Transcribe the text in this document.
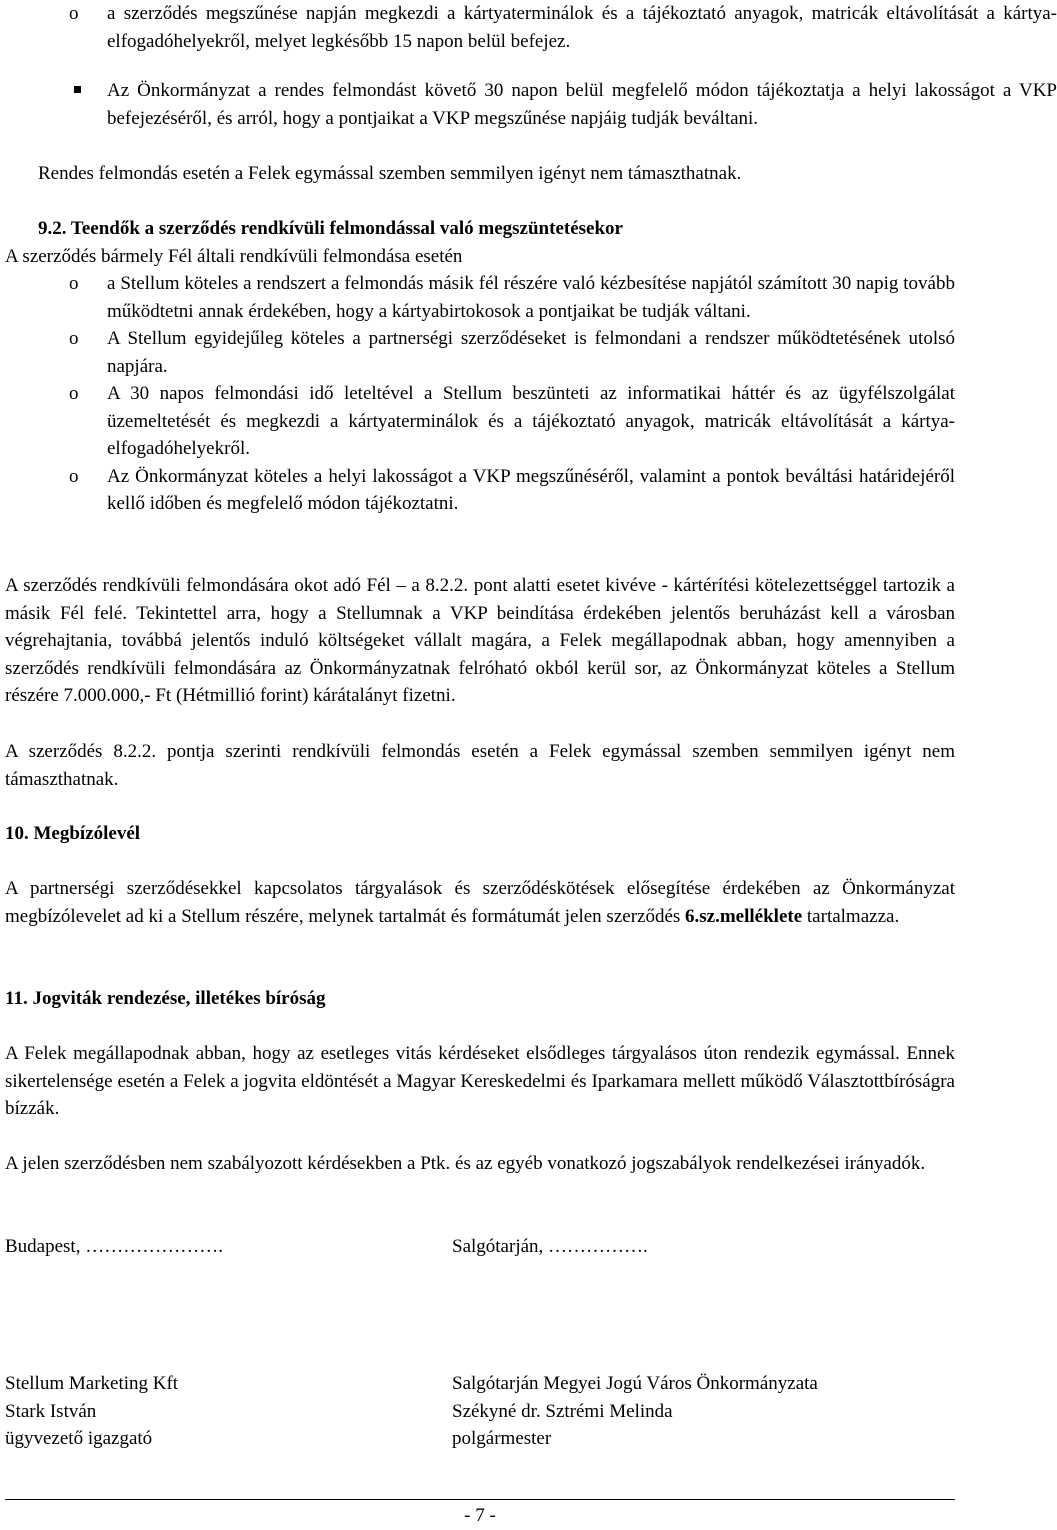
o a szerződés megszűnése napján megkezdi a kártyaterminálok és a tájékoztató anyagok, matricák eltávolítását a kártya-elfogadóhelyekről, melyet legkésőbb 15 napon belül befejez.

Az Önkormányzat a rendes felmondást követő 30 napon belül megfelelő módon tájékoztatja a helyi lakosságot a VKP befejezéséről, és arról, hogy a pontjaikat a VKP megszűnése napjáig tudják beváltani.

Rendes felmondás esetén a Felek egymással szemben semmilyen igényt nem támaszthatnak.

9.2. Teendők a szerződés rendkívüli felmondással való megszüntetésekor

A szerződés bármely Fél általi rendkívüli felmondása esetén

o a Stellum köteles a rendszert a felmondás másik fél részére való kézbesítése napjától számított 30 napig tovább működtetni annak érdekében, hogy a kártyabirtokosok a pontjaikat be tudják váltani.

o A Stellum egyidejűleg köteles a partnerségi szerződéseket is felmondani a rendszer működtetésének utolsó napjára.

o A 30 napos felmondási idő leteltével a Stellum beszünteti az informatikai háttér és az ügyfélszolgálat üzemeltetését és megkezdi a kártyaterminálok és a tájékoztató anyagok, matricák eltávolítását a kártya-elfogadóhelyekről.

o Az Önkormányzat köteles a helyi lakosságot a VKP megszűnéséről, valamint a pontok beváltási határidejéről kellő időben és megfelelő módon tájékoztatni.

A szerződés rendkívüli felmondására okot adó Fél – a 8.2.2. pont alatti esetet kivéve - kártérítési kötelezettséggel tartozik a másik Fél felé. Tekintettel arra, hogy a Stellumnak a VKP beindítása érdekében jelentős beruházást kell a városban végrehajtania, továbbá jelentős induló költségeket vállalt magára, a Felek megállapodnak abban, hogy amennyiben a szerződés rendkívüli felmondására az Önkormányzatnak felróható okból kerül sor, az Önkormányzat köteles a Stellum részére 7.000.000,- Ft (Hétmillió forint) kárátalányt fizetni.

A szerződés 8.2.2. pontja szerinti rendkívüli felmondás esetén a Felek egymással szemben semmilyen igényt nem támaszthatnak.

10. Megbízólevél

A partnerségi szerződésekkel kapcsolatos tárgyalások és szerződéskötések elősegítése érdekében az Önkormányzat megbízólevelet ad ki a Stellum részére, melynek tartalmát és formátumát jelen szerződés 6.sz.melléklete tartalmazza.

11. Jogviták rendezése, illetékes bíróság

A Felek megállapodnak abban, hogy az esetleges vitás kérdéseket elsődleges tárgyalásos úton rendezik egymással. Ennek sikertelensége esetén a Felek a jogvita eldöntését a Magyar Kereskedelmi és Iparkamara mellett működő Választottbíróságra bízzák.

A jelen szerződésben nem szabályozott kérdésekben a Ptk. és az egyéb vonatkozó jogszabályok rendelkezései irányadók.

Budapest, ………………….	Salgótarján, …………….
Stellum Marketing Kft
Stark István
ügyvezető igazgató
Salgótarján Megyei Jogú Város Önkormányzata
Székyné dr. Sztrémi Melinda
polgármester
- 7 -
